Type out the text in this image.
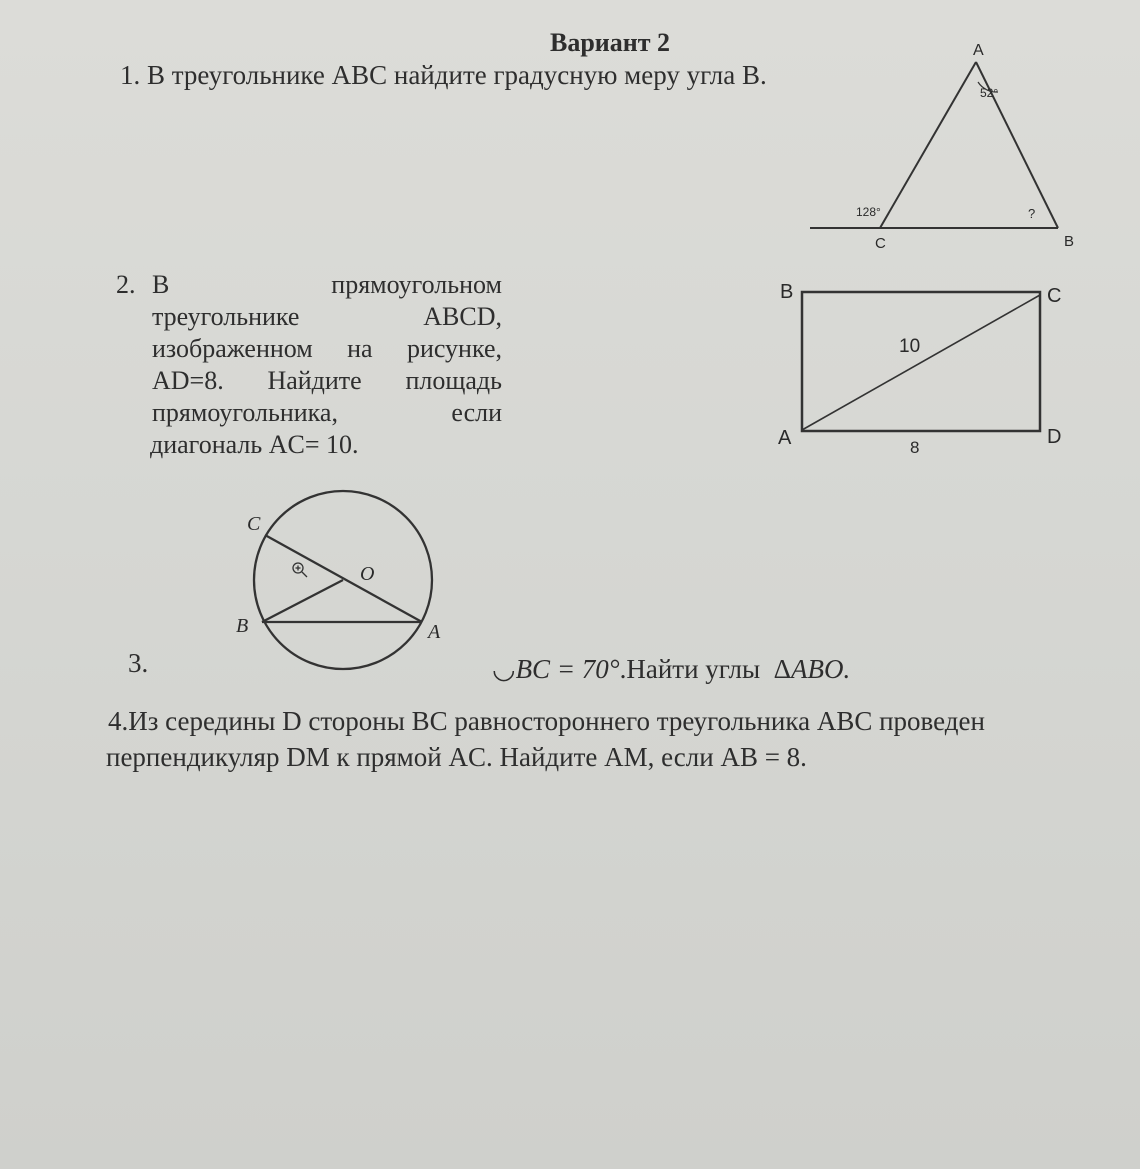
Вариант 2
1. В треугольнике ABC найдите градусную меру угла B.
2. В	прямоугольном
треугольнике	ABCD,
изображенном на рисунке,
AD=8. Найдите площадь
прямоугольника,	если
диагональ AC= 10.
3.	◡BC = 70°.Найти углы ΔABO.
4.Из середины D стороны BC равностороннего треугольника ABC проведен
перпендикуляр DM к прямой AC. Найдите AM, если AB = 8.
A
B
C
52°
128°	?
B	C
A	D
10
8
C
O
B	A
